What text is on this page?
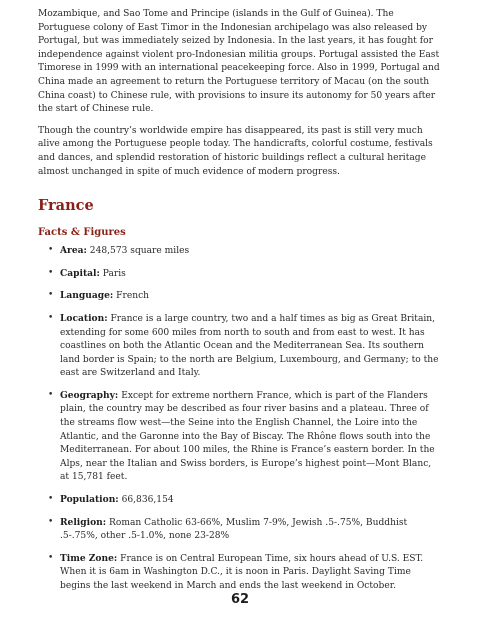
Mozambique, and Sao Tome and Principe (islands in the Gulf of Guinea). The Portuguese colony of East Timor in the Indonesian archipelago was also released by Portugal, but was immediately seized by Indonesia. In the last years, it has fought for independence against violent pro-Indonesian militia groups. Portugal assisted the East Timorese in 1999 with an international peacekeeping force. Also in 1999, Portugal and China made an agreement to return the Portuguese territory of Macau (on the south China coast) to Chinese rule, with provisions to insure its autonomy for 50 years after the start of Chinese rule.

Though the country’s worldwide empire has disappeared, its past is still very much alive among the Portuguese people today. The handicrafts, colorful costume, festivals and dances, and splendid restoration of historic buildings reflect a cultural heritage almost unchanged in spite of much evidence of modern progress.

France
Facts & Figures
• Area: 248,573 square miles
• Capital: Paris
• Language: French
• Location: France is a large country, two and a half times as big as Great Britain, extending for some 600 miles from north to south and from east to west. It has coastlines on both the Atlantic Ocean and the Mediterranean Sea. Its southern land border is Spain; to the north are Belgium, Luxembourg, and Germany; to the east are Switzerland and Italy.
• Geography: Except for extreme northern France, which is part of the Flanders plain, the country may be described as four river basins and a plateau. Three of the streams flow west—the Seine into the English Channel, the Loire into the Atlantic, and the Garonne into the Bay of Biscay. The Rhône flows south into the Mediterranean. For about 100 miles, the Rhine is France’s eastern border. In the Alps, near the Italian and Swiss borders, is Europe’s highest point—Mont Blanc, at 15,781 feet.
• Population: 66,836,154
• Religion: Roman Catholic 63-66%, Muslim 7-9%, Jewish .5-.75%, Buddhist .5-.75%, other .5-1.0%, none 23-28%
• Time Zone: France is on Central European Time, six hours ahead of U.S. EST. When it is 6am in Washington D.C., it is noon in Paris. Daylight Saving Time begins the last weekend in March and ends the last weekend in October.
62
